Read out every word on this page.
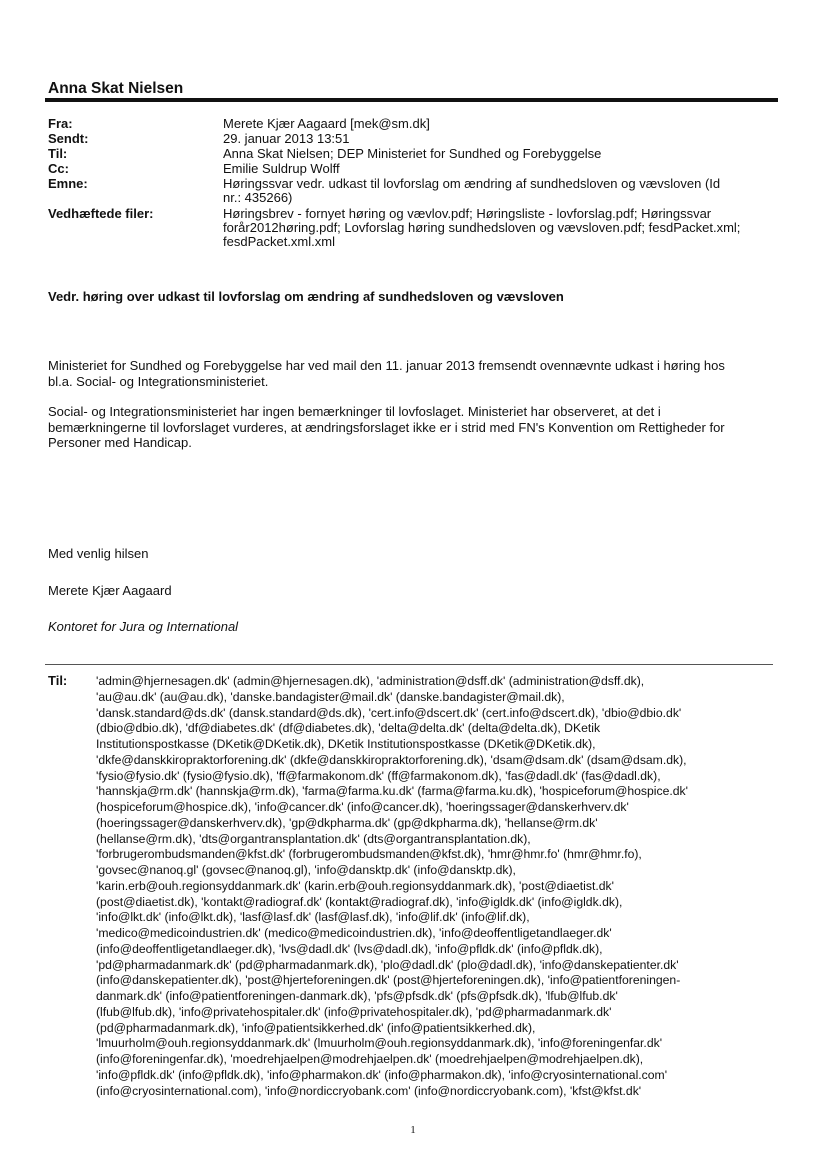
Anna Skat Nielsen
Fra:	Merete Kjær Aagaard [mek@sm.dk]
Sendt:	29. januar 2013 13:51
Til:	Anna Skat Nielsen; DEP Ministeriet for Sundhed og Forebyggelse
Cc:	Emilie Suldrup Wolff
Emne:	Høringssvar vedr. udkast til lovforslag om ændring af sundhedsloven og vævsloven (Id
nr.: 435266)
Vedhæftede filer:	Høringsbrev - fornyet høring og vævlov.pdf; Høringsliste - lovforslag.pdf; Høringssvar
forår2012høring.pdf; Lovforslag høring sundhedsloven og vævsloven.pdf; fesdPacket.xml;
fesdPacket.xml.xml
Vedr. høring over udkast til lovforslag om ændring af sundhedsloven og vævsloven
Ministeriet for Sundhed og Forebyggelse har ved mail den 11. januar 2013 fremsendt ovennævnte udkast i høring hos
bl.a. Social- og Integrationsministeriet.
Social- og Integrationsministeriet har ingen bemærkninger til lovfoslaget. Ministeriet har observeret, at det i
bemærkningerne til lovforslaget vurderes, at ændringsforslaget ikke er i strid med FN's Konvention om Rettigheder for
Personer med Handicap.
Med venlig hilsen
Merete Kjær Aagaard
Kontoret for Jura og International
Til: 'admin@hjernesagen.dk' (admin@hjernesagen.dk), 'administration@dsff.dk' (administration@dsff.dk),
'au@au.dk' (au@au.dk), 'danske.bandagister@mail.dk' (danske.bandagister@mail.dk),
'dansk.standard@ds.dk' (dansk.standard@ds.dk), 'cert.info@dscert.dk' (cert.info@dscert.dk), 'dbio@dbio.dk'
(dbio@dbio.dk), 'df@diabetes.dk' (df@diabetes.dk), 'delta@delta.dk' (delta@delta.dk), DKetik
Institutionspostkasse (DKetik@DKetik.dk), DKetik Institutionspostkasse (DKetik@DKetik.dk),
'dkfe@danskkiropraktorforening.dk' (dkfe@danskkiropraktorforening.dk), 'dsam@dsam.dk' (dsam@dsam.dk),
'fysio@fysio.dk' (fysio@fysio.dk), 'ff@farmakonom.dk' (ff@farmakonom.dk), 'fas@dadl.dk' (fas@dadl.dk),
'hannskja@rm.dk' (hannskja@rm.dk), 'farma@farma.ku.dk' (farma@farma.ku.dk), 'hospiceforum@hospice.dk'
(hospiceforum@hospice.dk), 'info@cancer.dk' (info@cancer.dk), 'hoeringssager@danskerhverv.dk'
(hoeringssager@danskerhverv.dk), 'gp@dkpharma.dk' (gp@dkpharma.dk), 'hellanse@rm.dk'
(hellanse@rm.dk), 'dts@organtransplantation.dk' (dts@organtransplantation.dk),
'forbrugerombudsmanden@kfst.dk' (forbrugerombudsmanden@kfst.dk), 'hmr@hmr.fo' (hmr@hmr.fo),
'govsec@nanoq.gl' (govsec@nanoq.gl), 'info@dansktp.dk' (info@dansktp.dk),
'karin.erb@ouh.regionsyddanmark.dk' (karin.erb@ouh.regionsyddanmark.dk), 'post@diaetist.dk'
(post@diaetist.dk), 'kontakt@radiograf.dk' (kontakt@radiograf.dk), 'info@igldk.dk' (info@igldk.dk),
'info@lkt.dk' (info@lkt.dk), 'lasf@lasf.dk' (lasf@lasf.dk), 'info@lif.dk' (info@lif.dk),
'medico@medicoindustrien.dk' (medico@medicoindustrien.dk), 'info@deoffentligetandlaeger.dk'
(info@deoffentligetandlaeger.dk), 'lvs@dadl.dk' (lvs@dadl.dk), 'info@pfldk.dk' (info@pfldk.dk),
'pd@pharmadanmark.dk' (pd@pharmadanmark.dk), 'plo@dadl.dk' (plo@dadl.dk), 'info@danskepatienter.dk'
(info@danskepatienter.dk), 'post@hjerteforeningen.dk' (post@hjerteforeningen.dk), 'info@patientforeningen-
danmark.dk' (info@patientforeningen-danmark.dk), 'pfs@pfsdk.dk' (pfs@pfsdk.dk), 'lfub@lfub.dk'
(lfub@lfub.dk), 'info@privatehospitaler.dk' (info@privatehospitaler.dk), 'pd@pharmadanmark.dk'
(pd@pharmadanmark.dk), 'info@patientsikkerhed.dk' (info@patientsikkerhed.dk),
'lmuurholm@ouh.regionsyddanmark.dk' (lmuurholm@ouh.regionsyddanmark.dk), 'info@foreningenfar.dk'
(info@foreningenfar.dk), 'moedrehjaelpen@modrehjaelpen.dk' (moedrehjaelpen@modrehjaelpen.dk),
'info@pfldk.dk' (info@pfldk.dk), 'info@pharmakon.dk' (info@pharmakon.dk), 'info@cryosinternational.com'
(info@cryosinternational.com), 'info@nordiccryobank.com' (info@nordiccryobank.com), 'kfst@kfst.dk'
1
